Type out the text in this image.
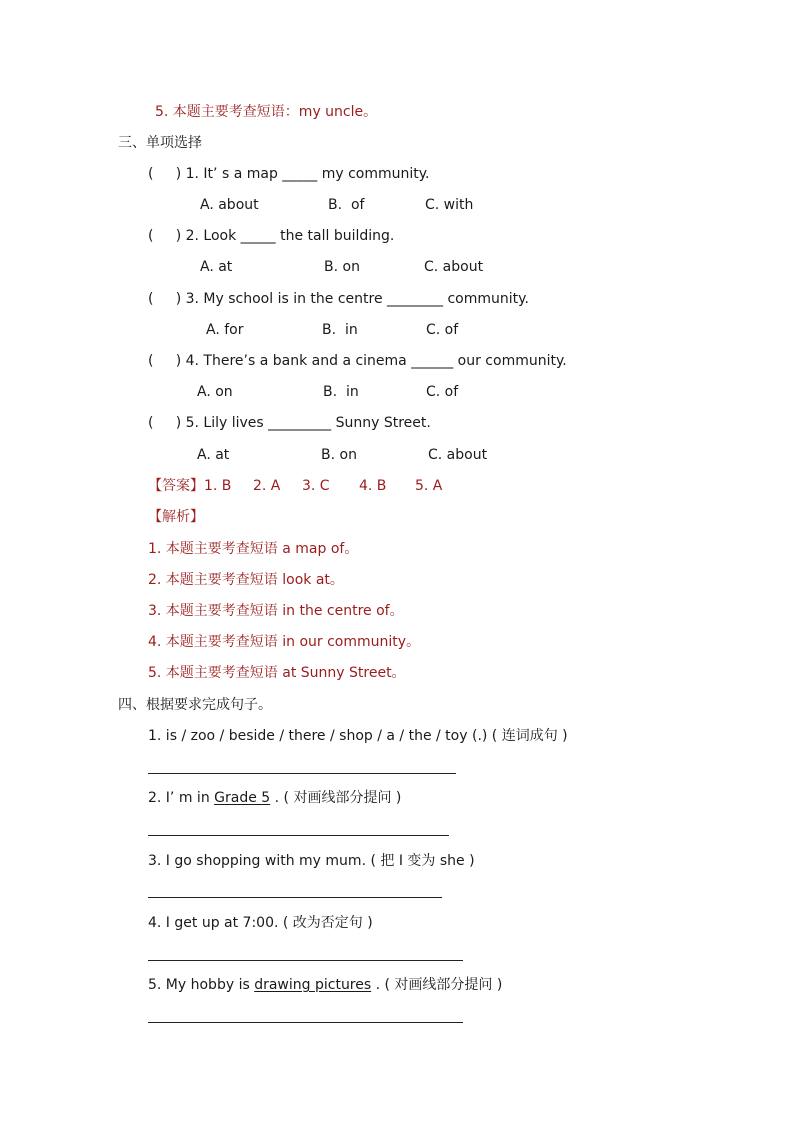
5. 本题主要考查短语：my uncle。
三、单项选择
(     ) 1. It’ s a map _____ my community.
A. about	B.  of	C. with
(     ) 2. Look _____ the tall building.
A. at	B. on	C. about
(     ) 3. My school is in the centre ________ community.
A. for	B.  in	C. of
(     ) 4. There’s a bank and a cinema ______ our community.
A. on	B.  in	C. of
(     ) 5. Lily lives _________ Sunny Street.
A. at	B. on	C. about
【答案】 1. B 2. A 3. C 4. B 5. A
【解析】
1. 本题主要考查短语 a map of。
2. 本题主要考查短语 look at。
3. 本题主要考查短语 in the centre of。
4. 本题主要考查短语 in our community。
5. 本题主要考查短语 at Sunny Street。
四、根据要求完成句子。
1. is / zoo / beside / there / shop / a / the / toy (.) ( 连词成句 )
2. I’ m in Grade 5 . ( 对画线部分提问 )
3. I go shopping with my mum. ( 把 I 变为 she )
4. I get up at 7:00. ( 改为否定句 )
5. My hobby is drawing pictures . ( 对画线部分提问 )
